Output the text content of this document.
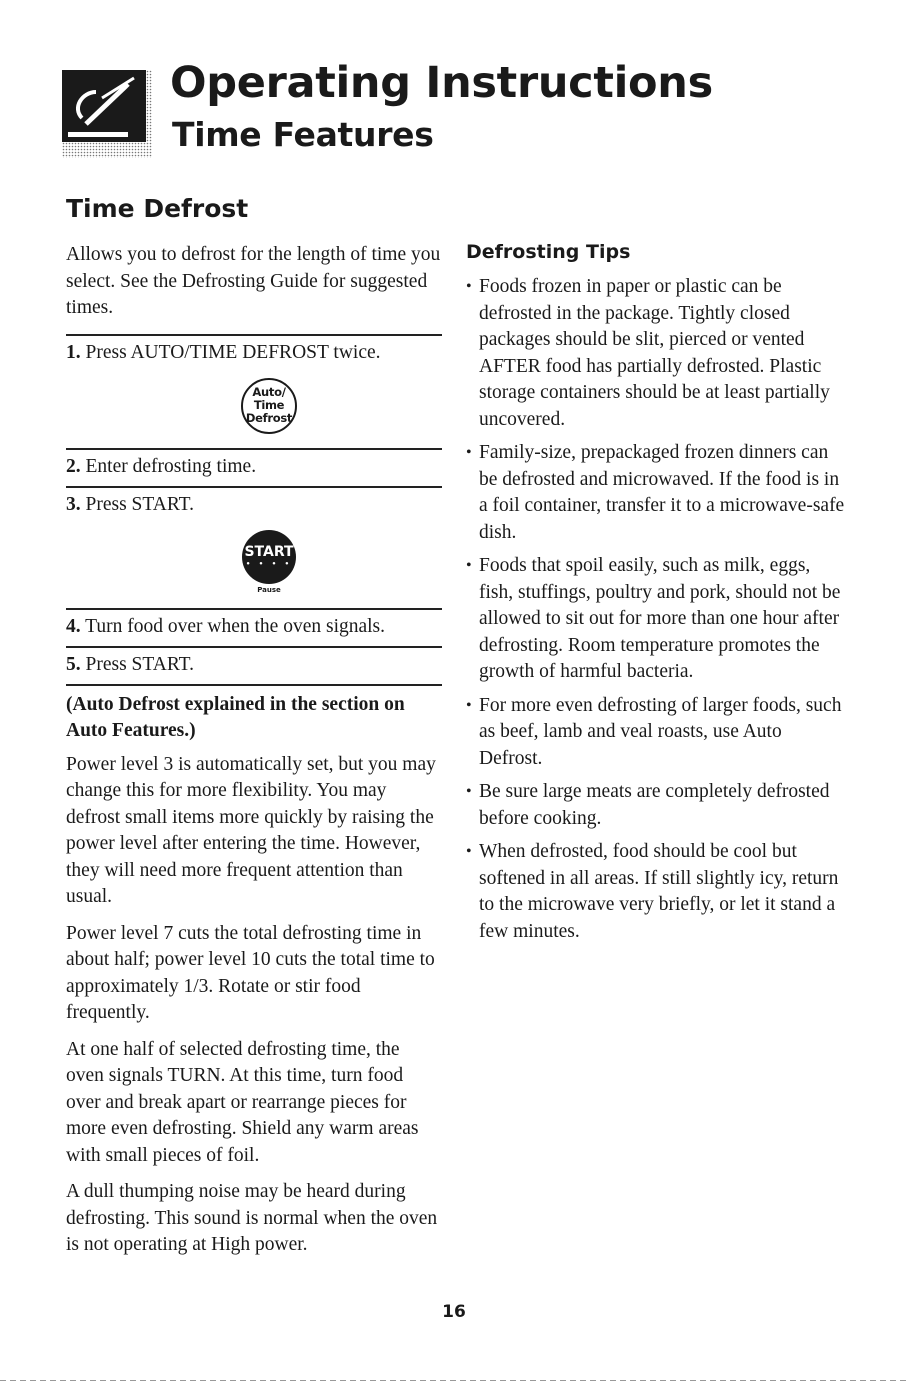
Operating Instructions
Time Features
Time Defrost

Allows you to defrost for the length of time you select. See the Defrosting Guide for suggested times.

1. Press AUTO/TIME DEFROST twice.

Auto/
Time
Defrost

2. Enter defrosting time.

3. Press START.

START
• • • •
Pause

4. Turn food over when the oven signals.

5. Press START.

(Auto Defrost explained in the section on Auto Features.)

Power level 3 is automatically set, but you may change this for more flexibility. You may defrost small items more quickly by raising the power level after entering the time. However, they will need more frequent attention than usual.

Power level 7 cuts the total defrosting time in about half; power level 10 cuts the total time to approximately 1/3. Rotate or stir food frequently.

At one half of selected defrosting time, the oven signals TURN. At this time, turn food over and break apart or rearrange pieces for more even defrosting. Shield any warm areas with small pieces of foil.

A dull thumping noise may be heard during defrosting. This sound is normal when the oven is not operating at High power.

Defrosting Tips
• Foods frozen in paper or plastic can be defrosted in the package. Tightly closed packages should be slit, pierced or vented AFTER food has partially defrosted. Plastic storage containers should be at least partially uncovered.
• Family-size, prepackaged frozen dinners can be defrosted and microwaved. If the food is in a foil container, transfer it to a microwave-safe dish.
• Foods that spoil easily, such as milk, eggs, fish, stuffings, poultry and pork, should not be allowed to sit out for more than one hour after defrosting. Room temperature promotes the growth of harmful bacteria.
• For more even defrosting of larger foods, such as beef, lamb and veal roasts, use Auto Defrost.
• Be sure large meats are completely defrosted before cooking.
• When defrosted, food should be cool but softened in all areas. If still slightly icy, return to the microwave very briefly, or let it stand a few minutes.

16
